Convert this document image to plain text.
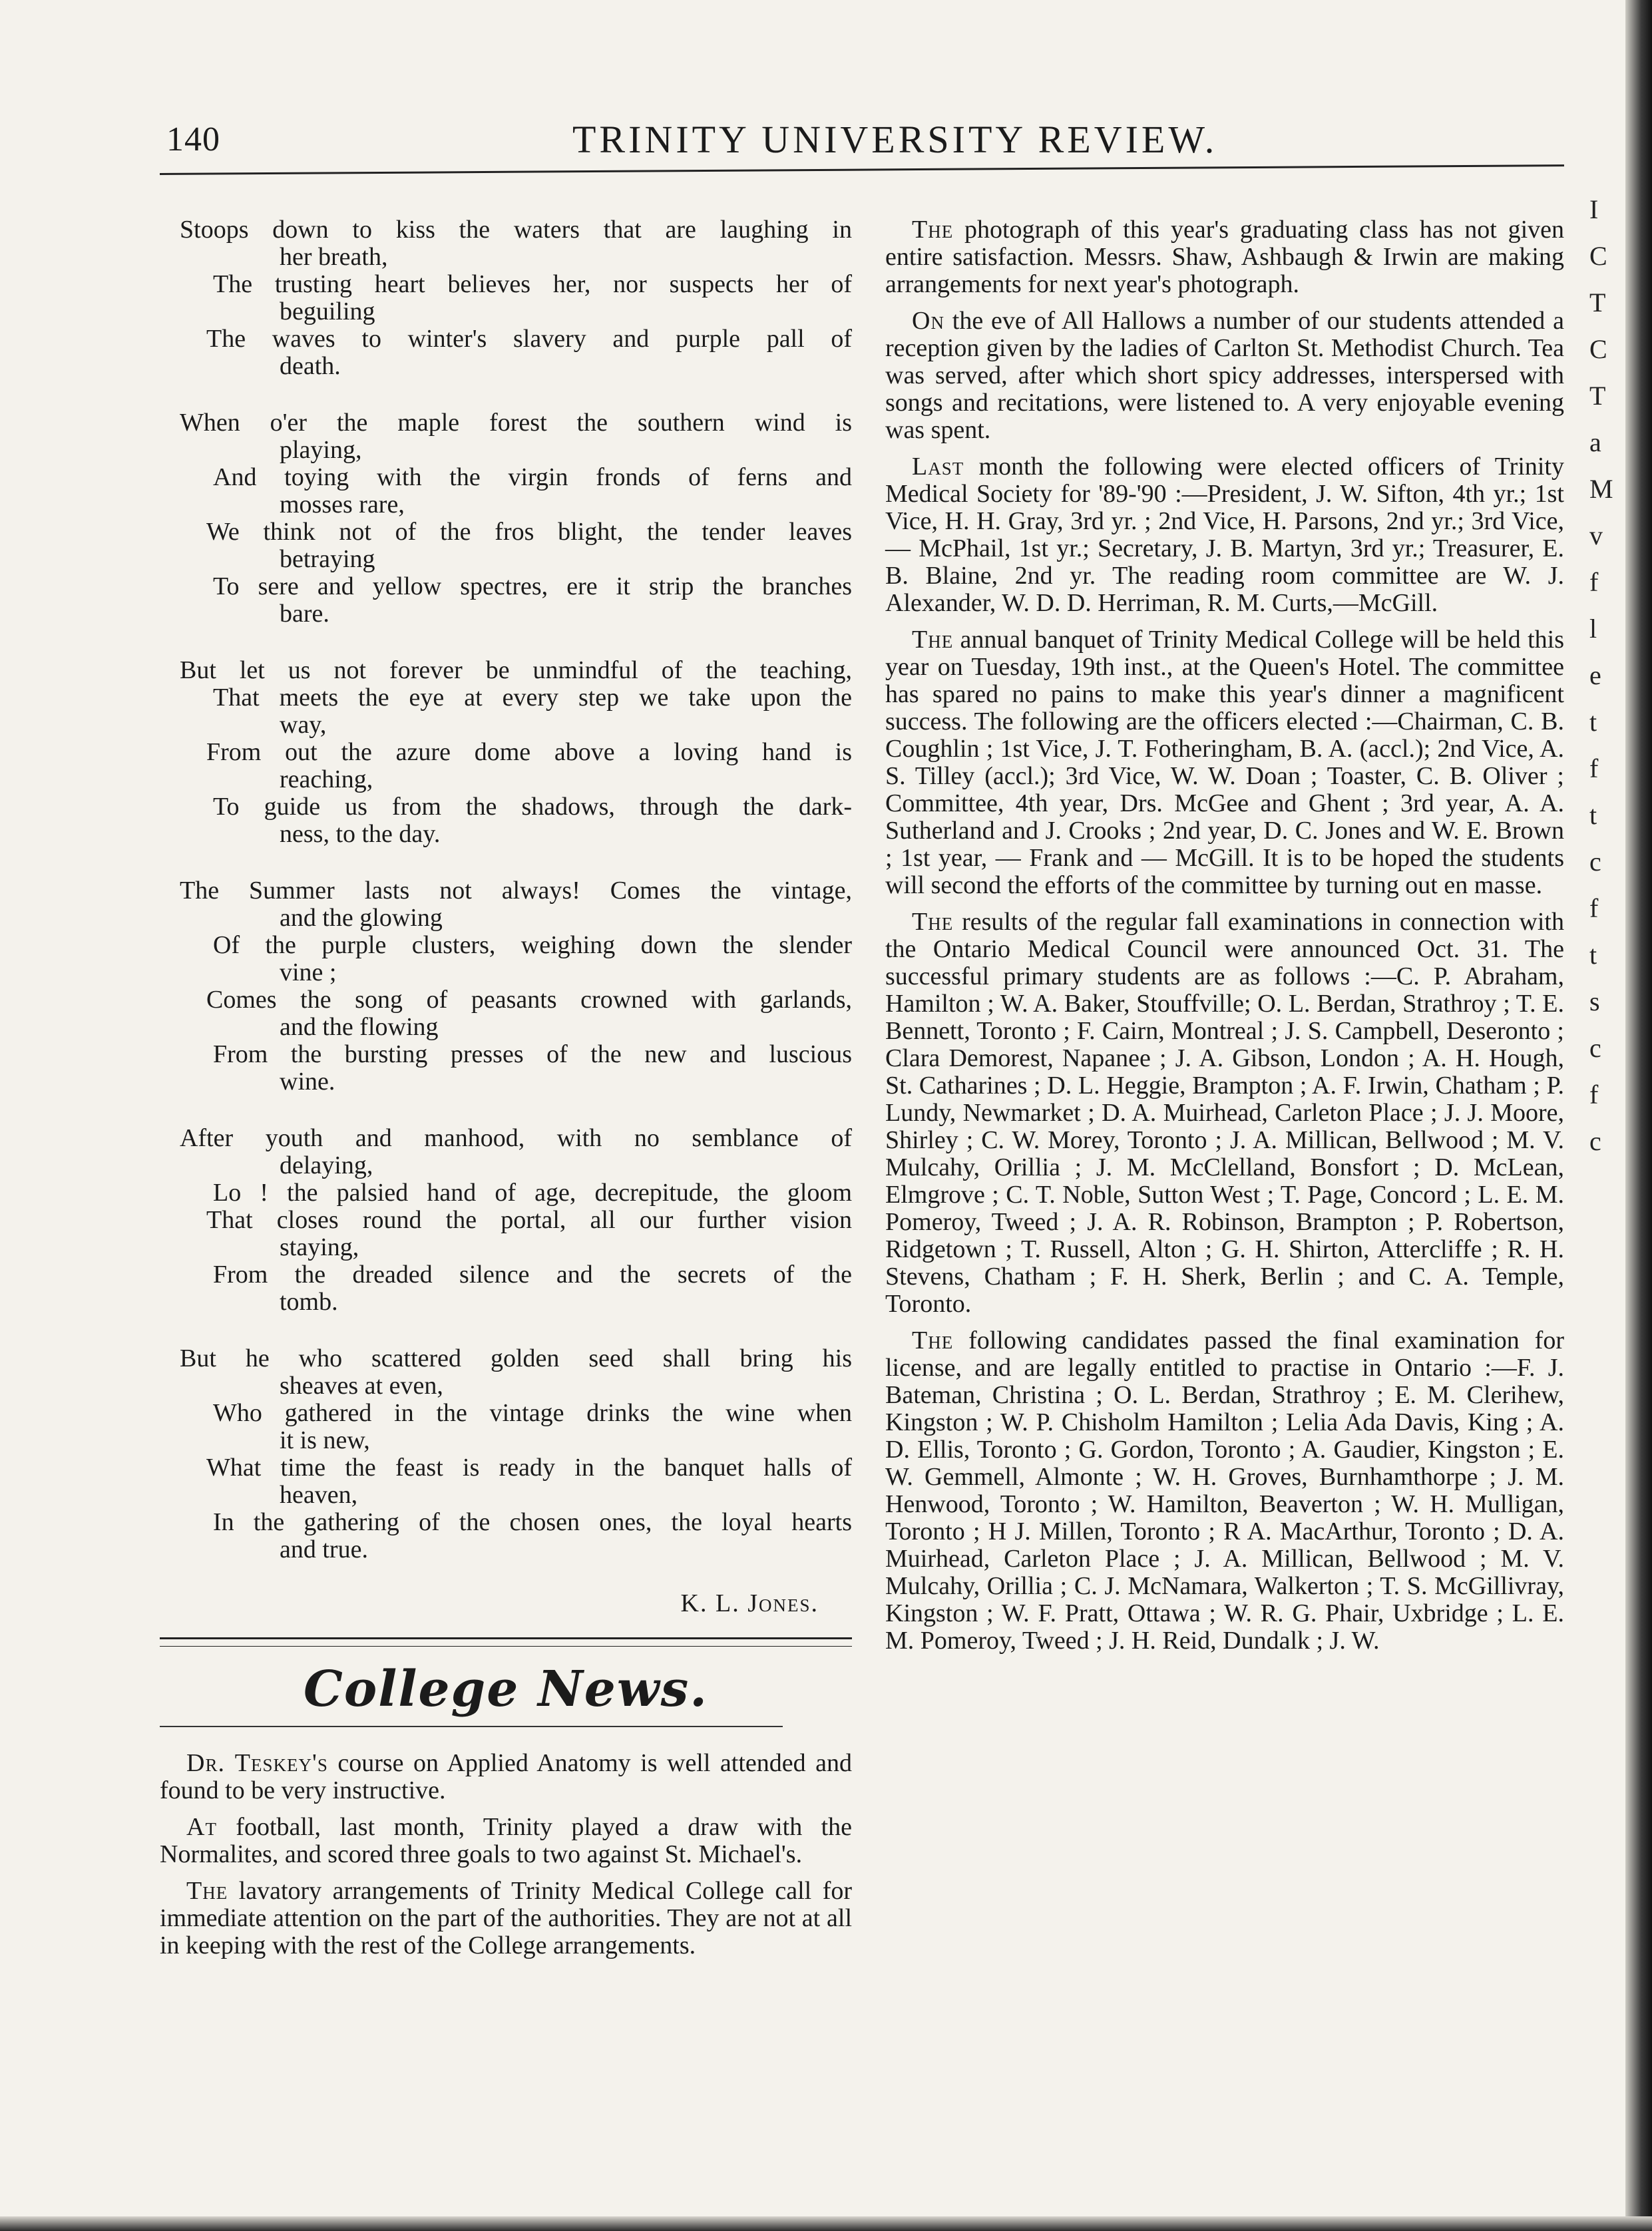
I
C
T
C
T
a
M
v
f
l
e
t
f
t
c
f
t
s
c
f
c
140	TRINITY UNIVERSITY REVIEW.
Stoops down to kiss the waters that are laughing in
her breath,
The trusting heart believes her, nor suspects her of
beguiling
The waves to winter's slavery and purple pall of
death.
When o'er the maple forest the southern wind is
playing,
And toying with the virgin fronds of ferns and
mosses rare,
We think not of the fros blight, the tender leaves
betraying
To sere and yellow spectres, ere it strip the branches
bare.
But let us not forever be unmindful of the teaching,
That meets the eye at every step we take upon the
way,
From out the azure dome above a loving hand is
reaching,
To guide us from the shadows, through the dark-
ness, to the day.
The Summer lasts not always! Comes the vintage,
and the glowing
Of the purple clusters, weighing down the slender
vine ;
Comes the song of peasants crowned with garlands,
and the flowing
From the bursting presses of the new and luscious
wine.
After youth and manhood, with no semblance of
delaying,
Lo ! the palsied hand of age, decrepitude, the gloom
That closes round the portal, all our further vision
staying,
From the dreaded silence and the secrets of the
tomb.
But he who scattered golden seed shall bring his
sheaves at even,
Who gathered in the vintage drinks the wine when
it is new,
What time the feast is ready in the banquet halls of
heaven,
In the gathering of the chosen ones, the loyal hearts
and true.
K. L. Jones.
College News.

Dr. Teskey's course on Applied Anatomy is well attended and found to be very instructive.

At football, last month, Trinity played a draw with the Normalites, and scored three goals to two against St. Michael's.

The lavatory arrangements of Trinity Medical College call for immediate attention on the part of the authorities. They are not at all in keeping with the rest of the College arrangements.

The photograph of this year's graduating class has not given entire satisfaction. Messrs. Shaw, Ashbaugh & Irwin are making arrangements for next year's photograph.

On the eve of All Hallows a number of our students attended a reception given by the ladies of Carlton St. Methodist Church. Tea was served, after which short spicy addresses, interspersed with songs and recitations, were listened to. A very enjoyable evening was spent.

Last month the following were elected officers of Trinity Medical Society for '89-'90 :—President, J. W. Sifton, 4th yr.; 1st Vice, H. H. Gray, 3rd yr. ; 2nd Vice, H. Parsons, 2nd yr.; 3rd Vice, — McPhail, 1st yr.; Secretary, J. B. Martyn, 3rd yr.; Treasurer, E. B. Blaine, 2nd yr. The reading room committee are W. J. Alexander, W. D. D. Herriman, R. M. Curts,—McGill.

The annual banquet of Trinity Medical College will be held this year on Tuesday, 19th inst., at the Queen's Hotel. The committee has spared no pains to make this year's dinner a magnificent success. The following are the officers elected :—Chairman, C. B. Coughlin ; 1st Vice, J. T. Fotheringham, B. A. (accl.); 2nd Vice, A. S. Tilley (accl.); 3rd Vice, W. W. Doan ; Toaster, C. B. Oliver ; Committee, 4th year, Drs. McGee and Ghent ; 3rd year, A. A. Sutherland and J. Crooks ; 2nd year, D. C. Jones and W. E. Brown ; 1st year, — Frank and — McGill. It is to be hoped the students will second the efforts of the committee by turning out en masse.

The results of the regular fall examinations in connection with the Ontario Medical Council were announced Oct. 31. The successful primary students are as follows :—C. P. Abraham, Hamilton ; W. A. Baker, Stouffville; O. L. Berdan, Strathroy ; T. E. Bennett, Toronto ; F. Cairn, Montreal ; J. S. Campbell, Deseronto ; Clara Demorest, Napanee ; J. A. Gibson, London ; A. H. Hough, St. Catharines ; D. L. Heggie, Brampton ; A. F. Irwin, Chatham ; P. Lundy, Newmarket ; D. A. Muirhead, Carleton Place ; J. J. Moore, Shirley ; C. W. Morey, Toronto ; J. A. Millican, Bellwood ; M. V. Mulcahy, Orillia ; J. M. McClelland, Bonsfort ; D. McLean, Elmgrove ; C. T. Noble, Sutton West ; T. Page, Concord ; L. E. M. Pomeroy, Tweed ; J. A. R. Robinson, Brampton ; P. Robertson, Ridgetown ; T. Russell, Alton ; G. H. Shirton, Attercliffe ; R. H. Stevens, Chatham ; F. H. Sherk, Berlin ; and C. A. Temple, Toronto.

The following candidates passed the final examination for license, and are legally entitled to practise in Ontario :—F. J. Bateman, Christina ; O. L. Berdan, Strathroy ; E. M. Clerihew, Kingston ; W. P. Chisholm Hamilton ; Lelia Ada Davis, King ; A. D. Ellis, Toronto ; G. Gordon, Toronto ; A. Gaudier, Kingston ; E. W. Gemmell, Almonte ; W. H. Groves, Burnhamthorpe ; J. M. Henwood, Toronto ; W. Hamilton, Beaverton ; W. H. Mulligan, Toronto ; H J. Millen, Toronto ; R A. MacArthur, Toronto ; D. A. Muirhead, Carleton Place ; J. A. Millican, Bellwood ; M. V. Mulcahy, Orillia ; C. J. McNamara, Walkerton ; T. S. McGillivray, Kingston ; W. F. Pratt, Ottawa ; W. R. G. Phair, Uxbridge ; L. E. M. Pomeroy, Tweed ; J. H. Reid, Dundalk ; J. W.
